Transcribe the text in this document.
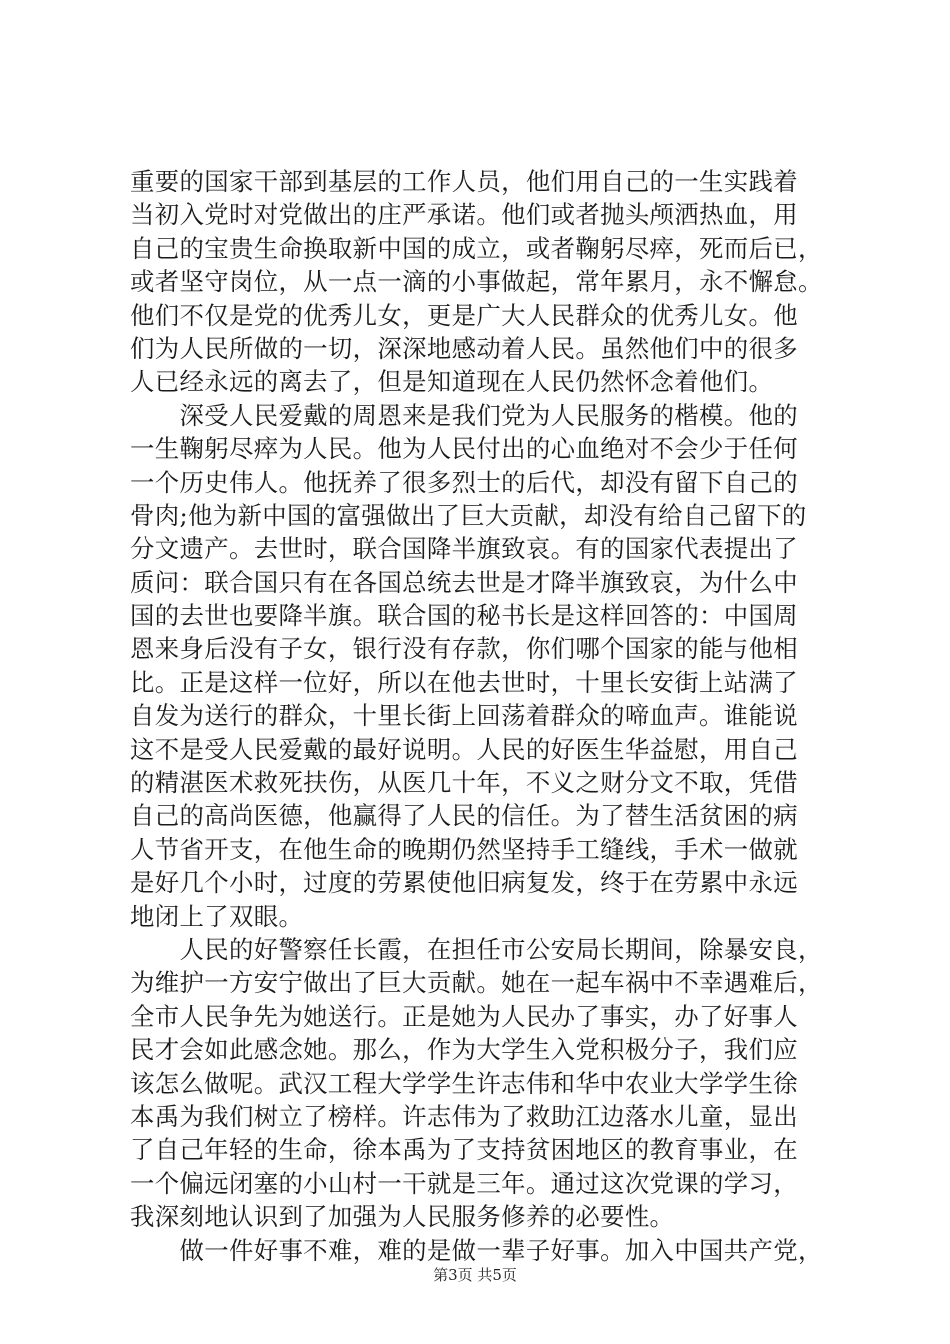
重要的国家干部到基层的工作人员，他们用自己的一生实践着
当初入党时对党做出的庄严承诺。他们或者抛头颅洒热血，用
自己的宝贵生命换取新中国的成立，或者鞠躬尽瘁，死而后已，
或者坚守岗位，从一点一滴的小事做起，常年累月，永不懈怠。
他们不仅是党的优秀儿女，更是广大人民群众的优秀儿女。他
们为人民所做的一切，深深地感动着人民。虽然他们中的很多
人已经永远的离去了，但是知道现在人民仍然怀念着他们。
　　深受人民爱戴的周恩来是我们党为人民服务的楷模。他的
一生鞠躬尽瘁为人民。他为人民付出的心血绝对不会少于任何
一个历史伟人。他抚养了很多烈士的后代，却没有留下自己的
骨肉;他为新中国的富强做出了巨大贡献，却没有给自己留下的
分文遗产。去世时，联合国降半旗致哀。有的国家代表提出了
质问：联合国只有在各国总统去世是才降半旗致哀，为什么中
国的去世也要降半旗。联合国的秘书长是这样回答的：中国周
恩来身后没有子女，银行没有存款，你们哪个国家的能与他相
比。正是这样一位好，所以在他去世时，十里长安街上站满了
自发为送行的群众，十里长街上回荡着群众的啼血声。谁能说
这不是受人民爱戴的最好说明。人民的好医生华益慰，用自己
的精湛医术救死扶伤，从医几十年，不义之财分文不取，凭借
自己的高尚医德，他赢得了人民的信任。为了替生活贫困的病
人节省开支，在他生命的晚期仍然坚持手工缝线，手术一做就
是好几个小时，过度的劳累使他旧病复发，终于在劳累中永远
地闭上了双眼。
　　人民的好警察任长霞，在担任市公安局长期间，除暴安良，
为维护一方安宁做出了巨大贡献。她在一起车祸中不幸遇难后，
全市人民争先为她送行。正是她为人民办了事实，办了好事人
民才会如此感念她。那么，作为大学生入党积极分子，我们应
该怎么做呢。武汉工程大学学生许志伟和华中农业大学学生徐
本禹为我们树立了榜样。许志伟为了救助江边落水儿童，显出
了自己年轻的生命，徐本禹为了支持贫困地区的教育事业，在
一个偏远闭塞的小山村一干就是三年。通过这次党课的学习，
我深刻地认识到了加强为人民服务修养的必要性。
　　做一件好事不难，难的是做一辈子好事。加入中国共产党，
第3页 共5页
